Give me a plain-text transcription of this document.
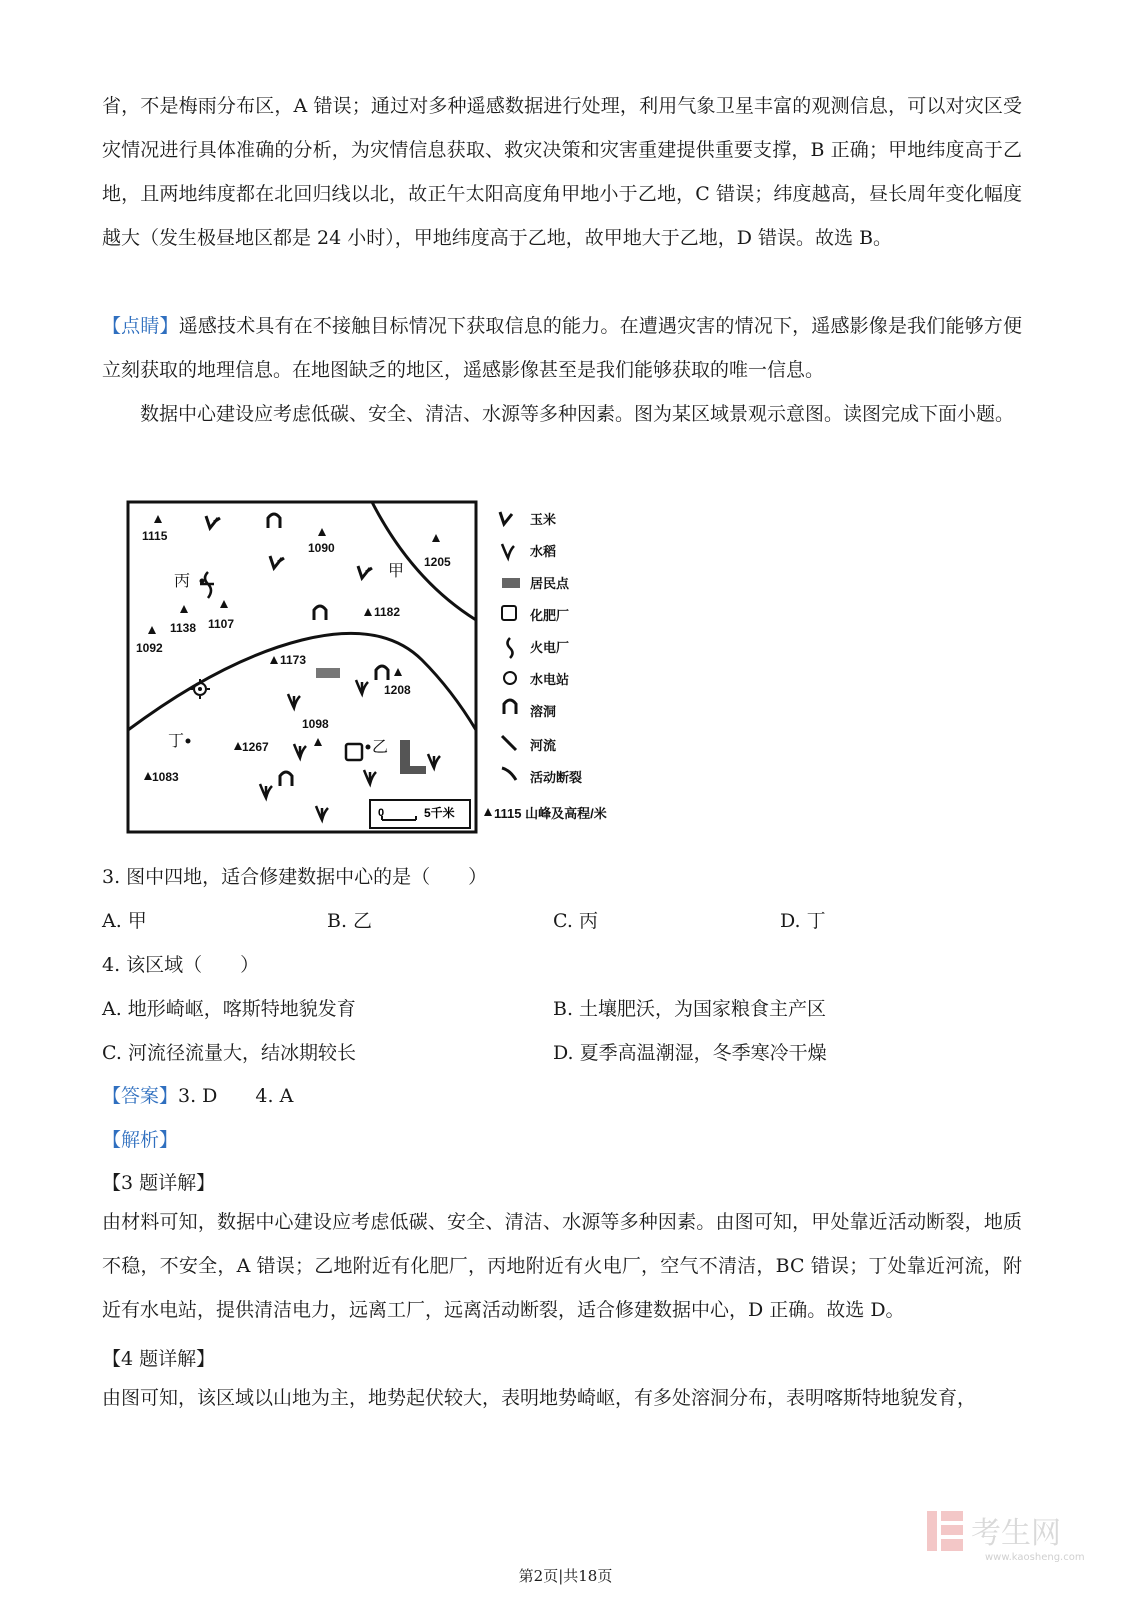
省，不是梅雨分布区，A 错误；通过对多种遥感数据进行处理，利用气象卫星丰富的观测信息，可以对灾区受灾情况进行具体准确的分析，为灾情信息获取、救灾决策和灾害重建提供重要支撑，B 正确；甲地纬度高于乙地，且两地纬度都在北回归线以北，故正午太阳高度角甲地小于乙地，C 错误；纬度越高，昼长周年变化幅度越大（发生极昼地区都是 24 小时），甲地纬度高于乙地，故甲地大于乙地，D 错误。故选 B。

【点睛】遥感技术具有在不接触目标情况下获取信息的能力。在遭遇灾害的情况下，遥感影像是我们能够方便立刻获取的地理信息。在地图缺乏的地区，遥感影像甚至是我们能够获取的唯一信息。

数据中心建设应考虑低碳、安全、清洁、水源等多种因素。图为某区域景观示意图。读图完成下面小题。

1115
1090
1205
1138 1107
1092
1182
1173
1208
1098
1267
1083
丙
甲
乙
丁
0	5千米
玉米
水稻
居民点
化肥厂
火电厂
水电站
溶洞
河流
活动断裂
1115 山峰及高程/米
3. 图中四地，适合修建数据中心的是（　　）
A. 甲	B. 乙	C. 丙	D. 丁
4. 该区域（　　）
A. 地形崎岖，喀斯特地貌发育	B. 土壤肥沃，为国家粮食主产区
C. 河流径流量大，结冰期较长	D. 夏季高温潮湿，冬季寒冷干燥
【答案】3. D　　4. A
【解析】
【3 题详解】

由材料可知，数据中心建设应考虑低碳、安全、清洁、水源等多种因素。由图可知，甲处靠近活动断裂，地质不稳，不安全，A 错误；乙地附近有化肥厂，丙地附近有火电厂，空气不清洁，BC 错误；丁处靠近河流，附近有水电站，提供清洁电力，远离工厂，远离活动断裂，适合修建数据中心，D 正确。故选 D。

【4 题详解】

由图可知，该区域以山地为主，地势起伏较大，表明地势崎岖，有多处溶洞分布，表明喀斯特地貌发育，

考生网
www.kaosheng.com
第2页|共18页
